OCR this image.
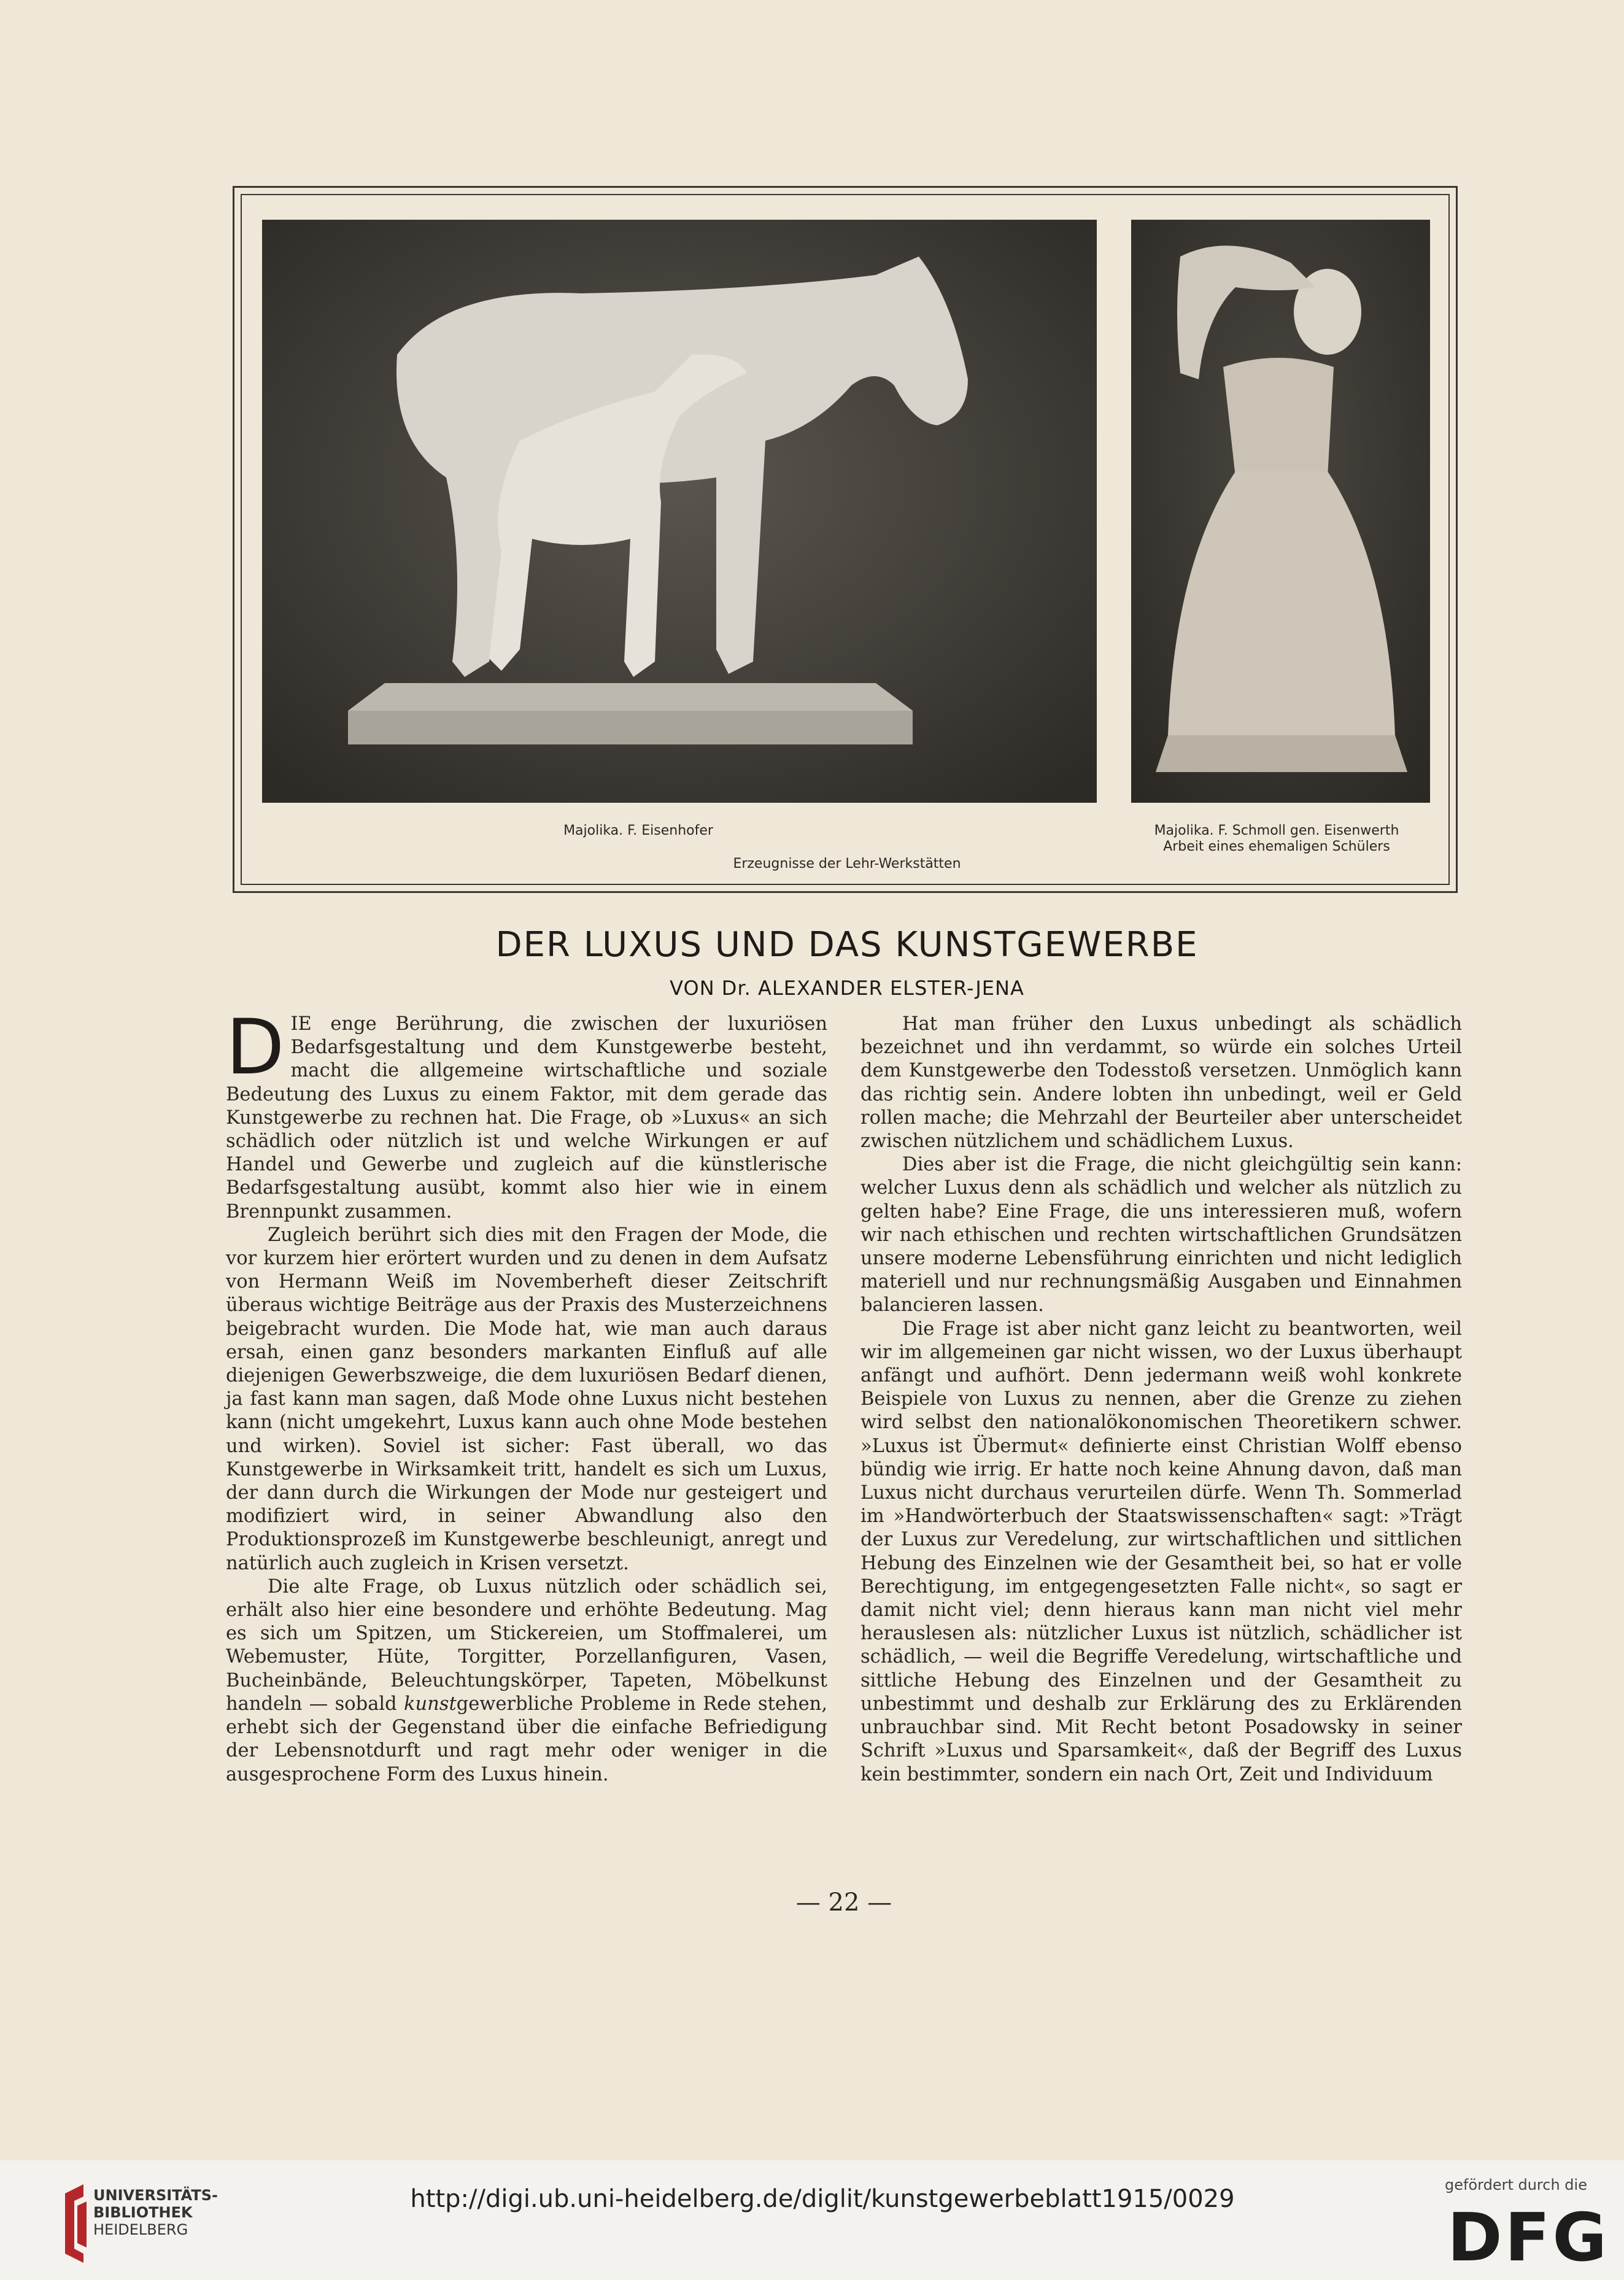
Majolika. F. Eisenhofer	Majolika. F. Schmoll gen. Eisenwerth
Arbeit eines ehemaligen Schülers
Erzeugnisse der Lehr-Werkstätten
DER LUXUS UND DAS KUNSTGEWERBE
VON Dr. ALEXANDER ELSTER-JENA

DIE enge Berührung, die zwischen der luxuriösen Bedarfsgestaltung und dem Kunstgewerbe besteht, macht die allgemeine wirtschaftliche und soziale Bedeutung des Luxus zu einem Faktor, mit dem gerade das Kunstgewerbe zu rechnen hat. Die Frage, ob »Luxus« an sich schädlich oder nützlich ist und welche Wirkungen er auf Handel und Gewerbe und zugleich auf die künstlerische Bedarfsgestaltung ausübt, kommt also hier wie in einem Brennpunkt zusammen.

Zugleich berührt sich dies mit den Fragen der Mode, die vor kurzem hier erörtert wurden und zu denen in dem Aufsatz von Hermann Weiß im Novemberheft dieser Zeitschrift überaus wichtige Beiträge aus der Praxis des Musterzeichnens beigebracht wurden. Die Mode hat, wie man auch daraus ersah, einen ganz besonders markanten Einfluß auf alle diejenigen Gewerbszweige, die dem luxuriösen Bedarf dienen, ja fast kann man sagen, daß Mode ohne Luxus nicht bestehen kann (nicht umgekehrt, Luxus kann auch ohne Mode bestehen und wirken). Soviel ist sicher: Fast überall, wo das Kunstgewerbe in Wirksamkeit tritt, handelt es sich um Luxus, der dann durch die Wirkungen der Mode nur gesteigert und modifiziert wird, in seiner Abwandlung also den Produktionsprozeß im Kunstgewerbe beschleunigt, anregt und natürlich auch zugleich in Krisen versetzt.

Die alte Frage, ob Luxus nützlich oder schädlich sei, erhält also hier eine besondere und erhöhte Bedeutung. Mag es sich um Spitzen, um Stickereien, um Stoffmalerei, um Webemuster, Hüte, Torgitter, Porzellanfiguren, Vasen, Bucheinbände, Beleuchtungskörper, Tapeten, Möbelkunst handeln — sobald kunstgewerbliche Probleme in Rede stehen, erhebt sich der Gegenstand über die einfache Befriedigung der Lebensnotdurft und ragt mehr oder weniger in die ausgesprochene Form des Luxus hinein.

Hat man früher den Luxus unbedingt als schädlich bezeichnet und ihn verdammt, so würde ein solches Urteil dem Kunstgewerbe den Todesstoß versetzen. Unmöglich kann das richtig sein. Andere lobten ihn unbedingt, weil er Geld rollen mache; die Mehrzahl der Beurteiler aber unterscheidet zwischen nützlichem und schädlichem Luxus.

Dies aber ist die Frage, die nicht gleichgültig sein kann: welcher Luxus denn als schädlich und welcher als nützlich zu gelten habe? Eine Frage, die uns interessieren muß, wofern wir nach ethischen und rechten wirtschaftlichen Grundsätzen unsere moderne Lebensführung einrichten und nicht lediglich materiell und nur rechnungsmäßig Ausgaben und Einnahmen balancieren lassen.

Die Frage ist aber nicht ganz leicht zu beantworten, weil wir im allgemeinen gar nicht wissen, wo der Luxus überhaupt anfängt und aufhört. Denn jedermann weiß wohl konkrete Beispiele von Luxus zu nennen, aber die Grenze zu ziehen wird selbst den nationalökonomischen Theoretikern schwer. »Luxus ist Übermut« definierte einst Christian Wolff ebenso bündig wie irrig. Er hatte noch keine Ahnung davon, daß man Luxus nicht durchaus verurteilen dürfe. Wenn Th. Sommerlad im »Handwörterbuch der Staatswissenschaften« sagt: »Trägt der Luxus zur Veredelung, zur wirtschaftlichen und sittlichen Hebung des Einzelnen wie der Gesamtheit bei, so hat er volle Berechtigung, im entgegengesetzten Falle nicht«, so sagt er damit nicht viel; denn hieraus kann man nicht viel mehr herauslesen als: nützlicher Luxus ist nützlich, schädlicher ist schädlich, — weil die Begriffe Veredelung, wirtschaftliche und sittliche Hebung des Einzelnen und der Gesamtheit zu unbestimmt und deshalb zur Erklärung des zu Erklärenden unbrauchbar sind. Mit Recht betont Posadowsky in seiner Schrift »Luxus und Sparsamkeit«, daß der Begriff des Luxus kein bestimmter, sondern ein nach Ort, Zeit und Individuum

— 22 —
UNIVERSITÄTS-
BIBLIOTHEK
HEIDELBERG
http://digi.ub.uni-heidelberg.de/diglit/kunstgewerbeblatt1915/0029	gefördert durch die
DFG
